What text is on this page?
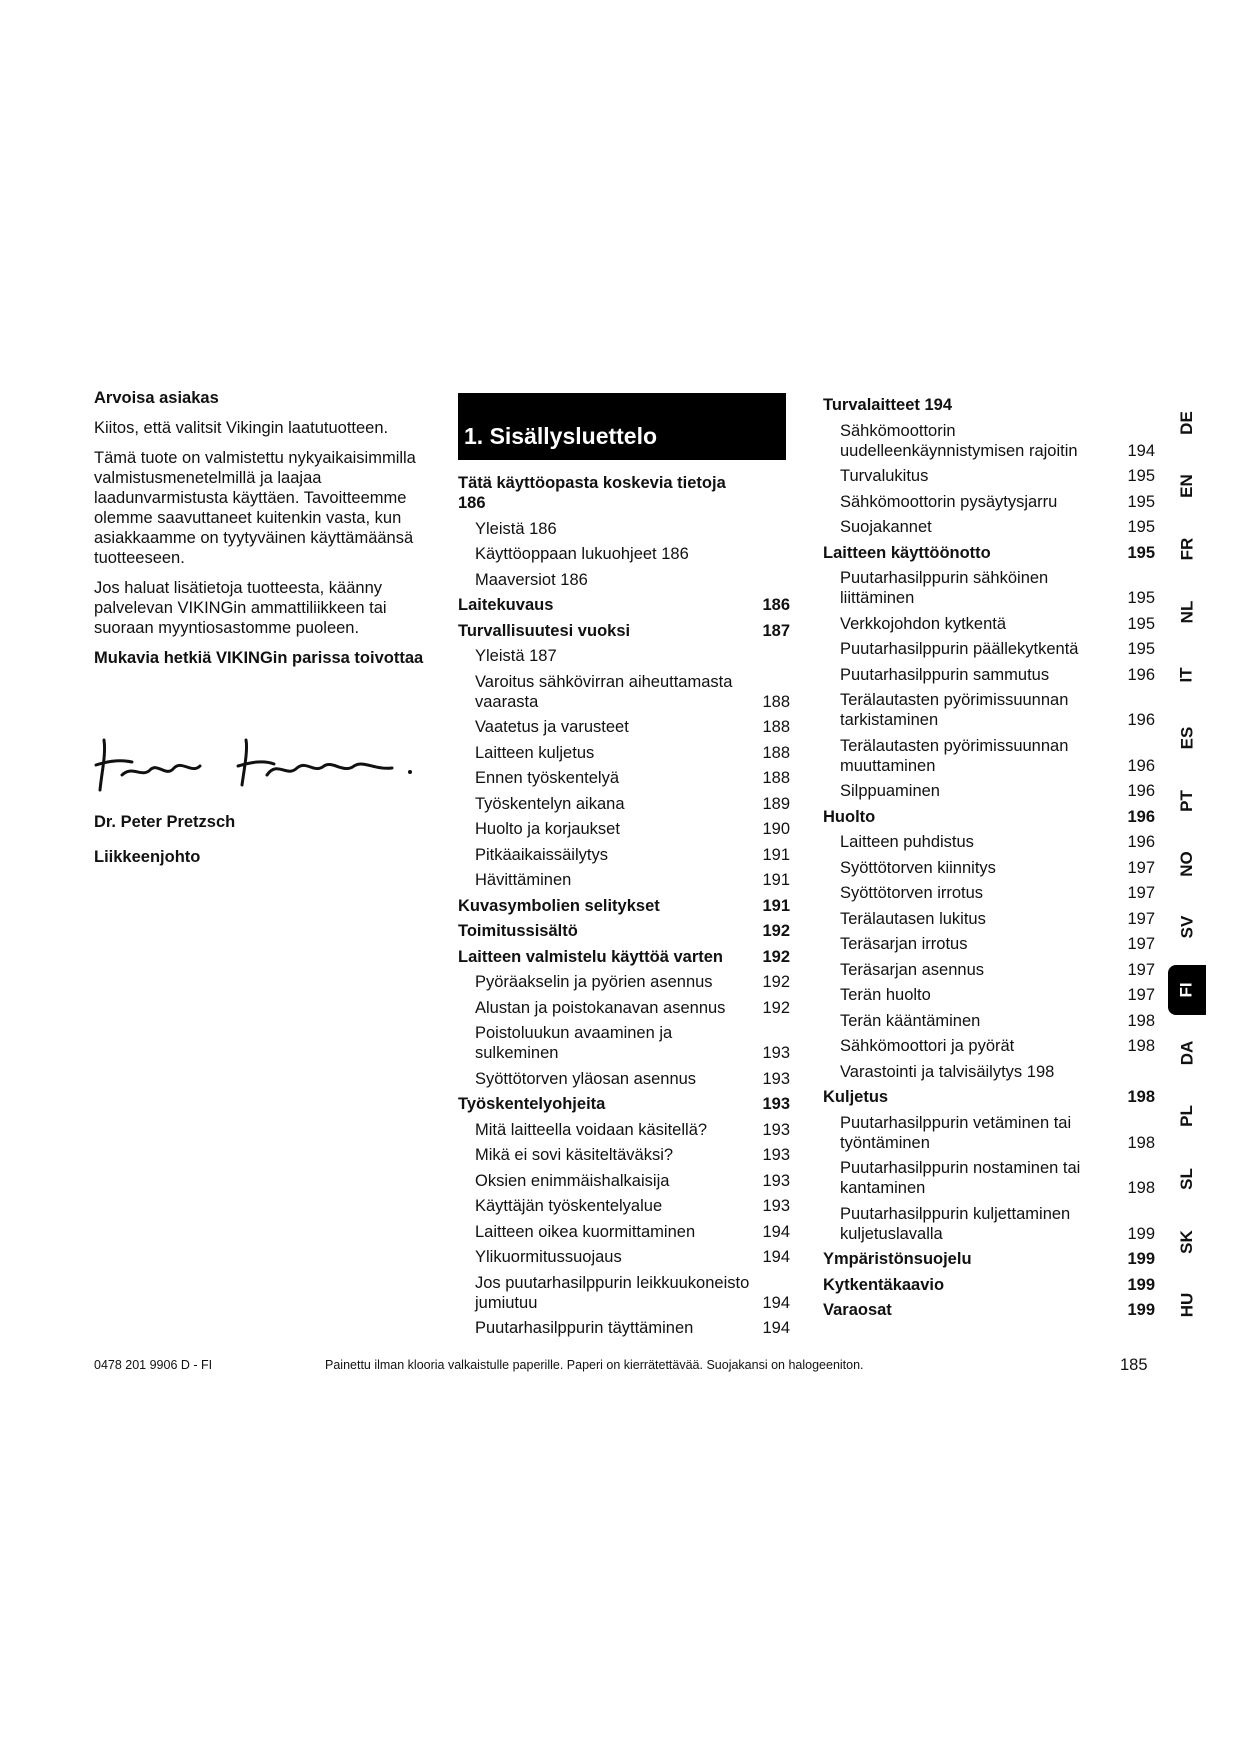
Arvoisa asiakas

Kiitos, että valitsit Vikingin laatutuotteen.

Tämä tuote on valmistettu nykyaikaisimmilla valmistusmenetelmillä ja laajaa laadunvarmistusta käyttäen. Tavoitteemme olemme saavuttaneet kuitenkin vasta, kun asiakkaamme on tyytyväinen käyttämäänsä tuotteeseen.

Jos haluat lisätietoja tuotteesta, käänny palvelevan VIKINGin ammattiliikkeen tai suoraan myyntiosastomme puoleen.

Mukavia hetkiä VIKINGin parissa toivottaa

Dr. Peter Pretzsch
Liikkeenjohto
1. Sisällysluettelo
Tätä käyttöopasta koskevia tietoja 186
Yleistä 186
Käyttöoppaan lukuohjeet 186
Maaversiot 186
Laitekuvaus	186
Turvallisuutesi vuoksi	187
Yleistä 187
Varoitus sähkövirran aiheuttamasta vaarasta	188
Vaatetus ja varusteet	188
Laitteen kuljetus	188
Ennen työskentelyä	188
Työskentelyn aikana	189
Huolto ja korjaukset	190
Pitkäaikaissäilytys	191
Hävittäminen	191
Kuvasymbolien selitykset	191
Toimitussisältö	192
Laitteen valmistelu käyttöä varten	192
Pyöräakselin ja pyörien asennus	192
Alustan ja poistokanavan asennus	192
Poistoluukun avaaminen ja sulkeminen	193
Syöttötorven yläosan asennus	193
Työskentelyohjeita	193
Mitä laitteella voidaan käsitellä?	193
Mikä ei sovi käsiteltäväksi?	193
Oksien enimmäishalkaisija	193
Käyttäjän työskentelyalue	193
Laitteen oikea kuormittaminen	194
Ylikuormitussuojaus	194
Jos puutarhasilppurin leikkuukoneisto jumiutuu	194
Puutarhasilppurin täyttäminen	194
Turvalaitteet 194
Sähkömoottorin uudelleenkäynnistymisen rajoitin	194
Turvalukitus	195
Sähkömoottorin pysäytysjarru	195
Suojakannet	195
Laitteen käyttöönotto	195
Puutarhasilppurin sähköinen liittäminen	195
Verkkojohdon kytkentä	195
Puutarhasilppurin päällekytkentä	195
Puutarhasilppurin sammutus	196
Terälautasten pyörimissuunnan tarkistaminen	196
Terälautasten pyörimissuunnan muuttaminen	196
Silppuaminen	196
Huolto	196
Laitteen puhdistus	196
Syöttötorven kiinnitys	197
Syöttötorven irrotus	197
Terälautasen lukitus	197
Teräsarjan irrotus	197
Teräsarjan asennus	197
Terän huolto	197
Terän kääntäminen	198
Sähkömoottori ja pyörät	198
Varastointi ja talvisäilytys 198
Kuljetus	198
Puutarhasilppurin vetäminen tai työntäminen	198
Puutarhasilppurin nostaminen tai kantaminen	198
Puutarhasilppurin kuljettaminen kuljetuslavalla	199
Ympäristönsuojelu	199
Kytkentäkaavio	199
Varaosat	199
DE
EN
FR
NL
IT
ES
PT
NO
SV
FI
DA
PL
SL
SK
HU
0478 201 9906 D - FI	Painettu ilman klooria valkaistulle paperille. Paperi on kierrätettävää. Suojakansi on halogeeniton.	185
